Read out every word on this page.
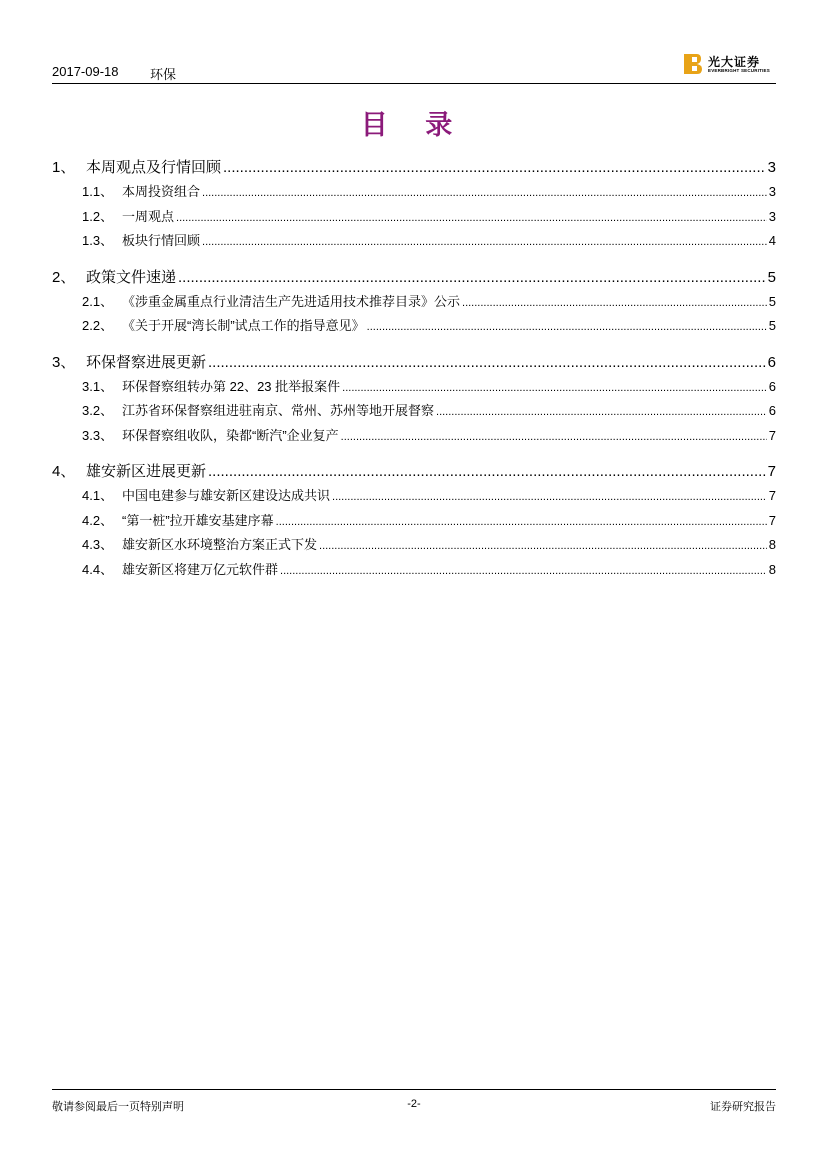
2017-09-18 环保
光大证券
EVERBRIGHT SECURITIES
目 录
1、 本周观点及行情回顾 .....	3
1.1、 本周投资组合 .....	3
1.2、 一周观点 .....	3
1.3、 板块行情回顾 .....	4
2、 政策文件速递 .....	5
2.1、 《涉重金属重点行业清洁生产先进适用技术推荐目录》公示 .....	5
2.2、 《关于开展“湾长制”试点工作的指导意见》 .....	5
3、 环保督察进展更新 .....	6
3.1、 环保督察组转办第 22、23 批举报案件 .....	6
3.2、 江苏省环保督察组进驻南京、常州、苏州等地开展督察 .....	6
3.3、 环保督察组收队，染都“断汽”企业复产 .....	7
4、 雄安新区进展更新 .....	7
4.1、 中国电建参与雄安新区建设达成共识 .....	7
4.2、 “第一桩”拉开雄安基建序幕 .....	7
4.3、 雄安新区水环境整治方案正式下发 .....	8
4.4、 雄安新区将建万亿元软件群 .....	8
敬请参阅最后一页特别声明	-2-	证券研究报告
